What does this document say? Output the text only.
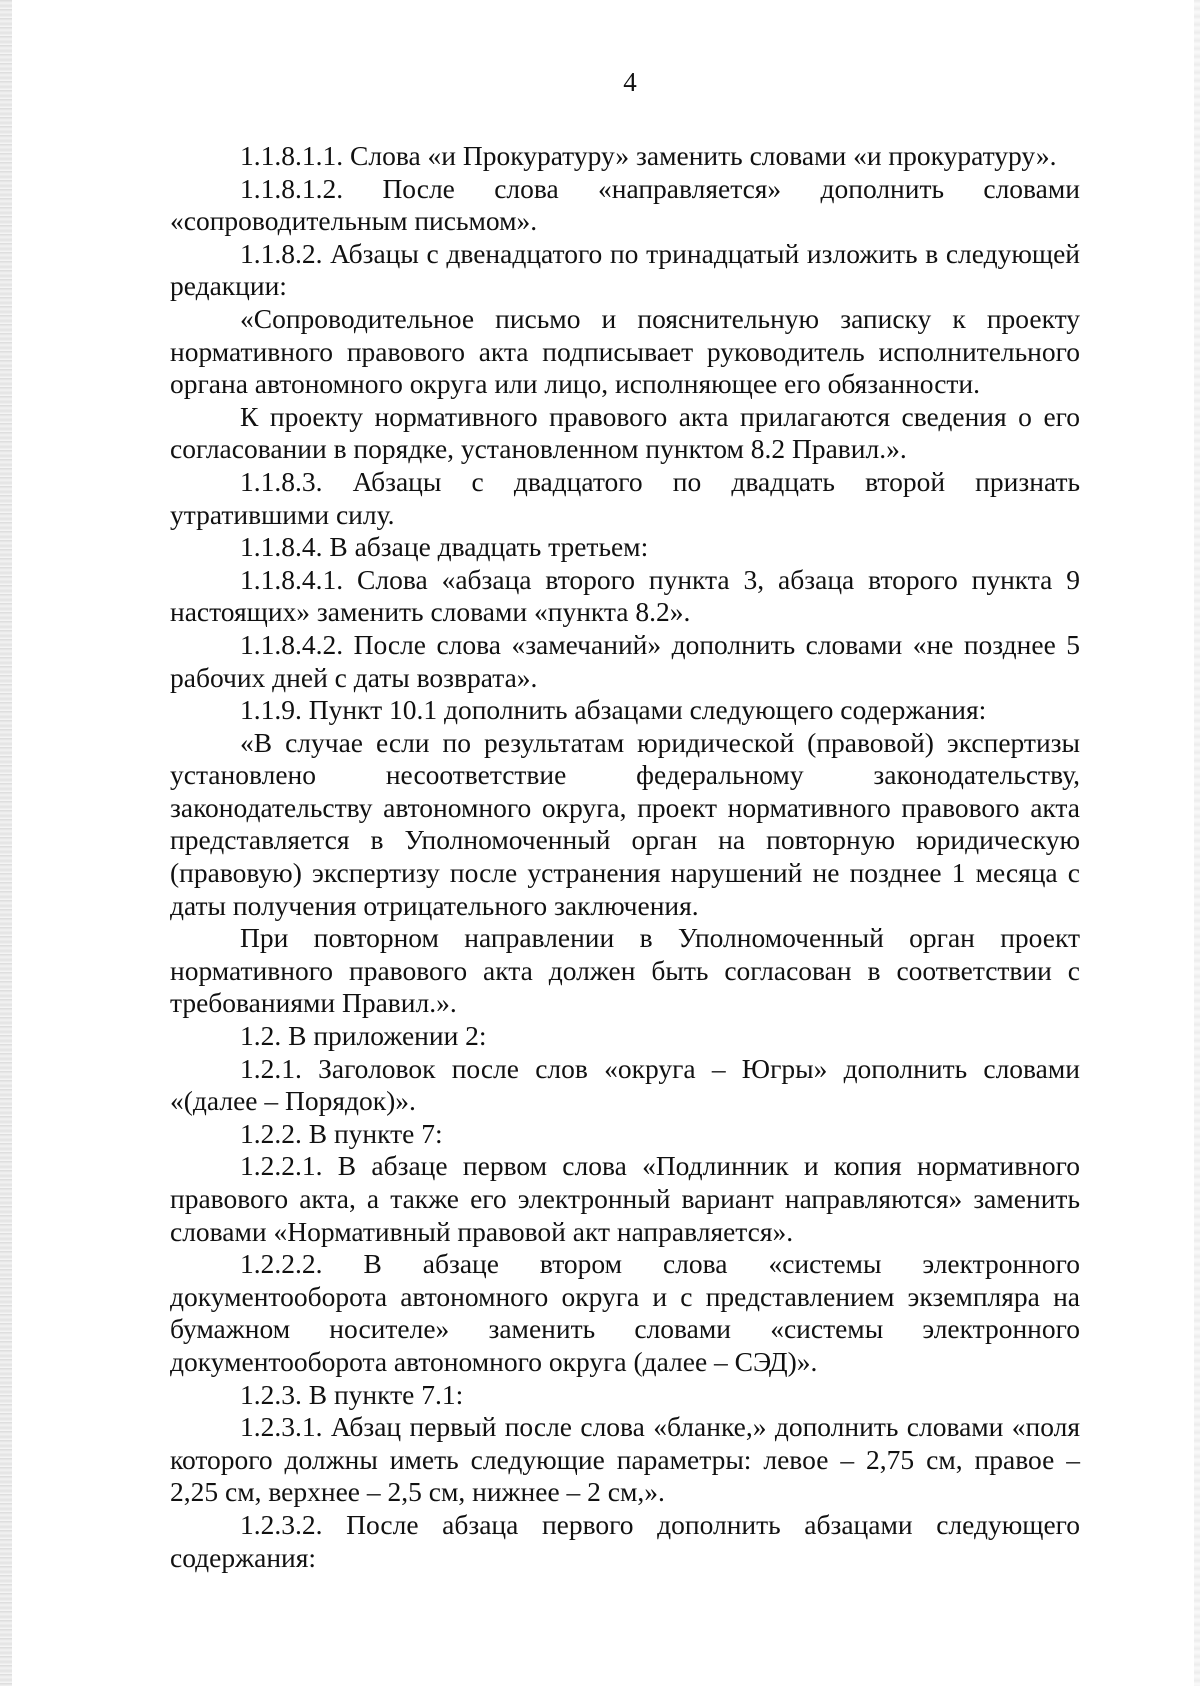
4

1.1.8.1.1. Слова «и Прокуратуру» заменить словами «и прокуратуру».

1.1.8.1.2. После слова «направляется» дополнить словами «сопроводительным письмом».

1.1.8.2. Абзацы с двенадцатого по тринадцатый изложить в следующей редакции:

«Сопроводительное письмо и пояснительную записку к проекту нормативного правового акта подписывает руководитель исполнительного органа автономного округа или лицо, исполняющее его обязанности.

К проекту нормативного правового акта прилагаются сведения о его согласовании в порядке, установленном пунктом 8.2 Правил.».

1.1.8.3. Абзацы с двадцатого по двадцать второй признать утратившими силу.

1.1.8.4. В абзаце двадцать третьем:

1.1.8.4.1. Слова «абзаца второго пункта 3, абзаца второго пункта 9 настоящих» заменить словами «пункта 8.2».

1.1.8.4.2. После слова «замечаний» дополнить словами «не позднее 5 рабочих дней с даты возврата».

1.1.9. Пункт 10.1 дополнить абзацами следующего содержания:

«В случае если по результатам юридической (правовой) экспертизы установлено несоответствие федеральному законодательству, законодательству автономного округа, проект нормативного правового акта представляется в Уполномоченный орган на повторную юридическую (правовую) экспертизу после устранения нарушений не позднее 1 месяца с даты получения отрицательного заключения.

При повторном направлении в Уполномоченный орган проект нормативного правового акта должен быть согласован в соответствии с требованиями Правил.».

1.2. В приложении 2:

1.2.1. Заголовок после слов «округа – Югры» дополнить словами «(далее – Порядок)».

1.2.2. В пункте 7:

1.2.2.1. В абзаце первом слова «Подлинник и копия нормативного правового акта, а также его электронный вариант направляются» заменить словами «Нормативный правовой акт направляется».

1.2.2.2. В абзаце втором слова «системы электронного документооборота автономного округа и с представлением экземпляра на бумажном носителе» заменить словами «системы электронного документооборота автономного округа (далее – СЭД)».

1.2.3. В пункте 7.1:

1.2.3.1. Абзац первый после слова «бланке,» дополнить словами «поля которого должны иметь следующие параметры: левое – 2,75 см, правое – 2,25 см, верхнее – 2,5 см, нижнее – 2 см,».

1.2.3.2. После абзаца первого дополнить абзацами следующего содержания:
